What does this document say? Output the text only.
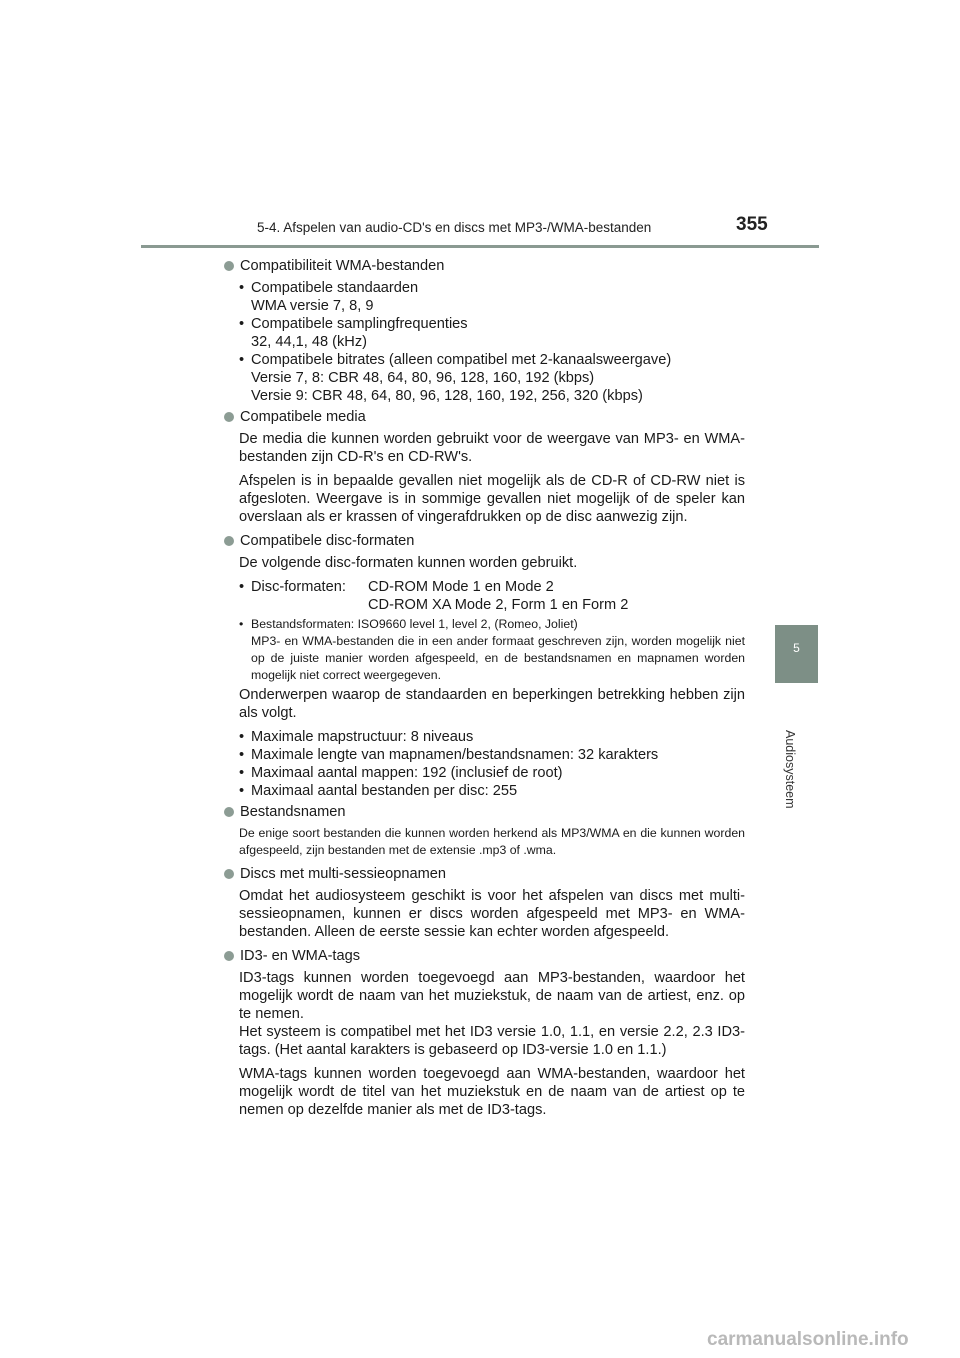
5-4. Afspelen van audio-CD's en discs met MP3-/WMA-bestanden	355
5
Audiosysteem
Compatibiliteit WMA-bestanden
• Compatibele standaarden
WMA versie 7, 8, 9
• Compatibele samplingfrequenties
32, 44,1, 48 (kHz)
• Compatibele bitrates (alleen compatibel met 2-kanaalsweergave)
Versie 7, 8: CBR 48, 64, 80, 96, 128, 160, 192 (kbps)
Versie 9: CBR 48, 64, 80, 96, 128, 160, 192, 256, 320 (kbps)
Compatibele media

De media die kunnen worden gebruikt voor de weergave van MP3- en WMA-bestanden zijn CD-R's en CD-RW's.

Afspelen is in bepaalde gevallen niet mogelijk als de CD-R of CD-RW niet is afgesloten. Weergave is in sommige gevallen niet mogelijk of de speler kan overslaan als er krassen of vingerafdrukken op de disc aanwezig zijn.

Compatibele disc-formaten

De volgende disc-formaten kunnen worden gebruikt.

• Disc-formaten:	CD-ROM Mode 1 en Mode 2
	CD-ROM XA Mode 2, Form 1 en Form 2
• Bestandsformaten: ISO9660 level 1, level 2, (Romeo, Joliet)
MP3- en WMA-bestanden die in een ander formaat geschreven zijn, worden mogelijk niet op de juiste manier worden afgespeeld, en de bestandsnamen en mapnamen worden mogelijk niet correct weergegeven.

Onderwerpen waarop de standaarden en beperkingen betrekking hebben zijn als volgt.

• Maximale mapstructuur: 8 niveaus
• Maximale lengte van mapnamen/bestandsnamen: 32 karakters
• Maximaal aantal mappen: 192 (inclusief de root)
• Maximaal aantal bestanden per disc: 255
Bestandsnamen

De enige soort bestanden die kunnen worden herkend als MP3/WMA en die kunnen worden afgespeeld, zijn bestanden met de extensie .mp3 of .wma.

Discs met multi-sessieopnamen

Omdat het audiosysteem geschikt is voor het afspelen van discs met multi-sessieopnamen, kunnen er discs worden afgespeeld met MP3- en WMA-bestanden. Alleen de eerste sessie kan echter worden afgespeeld.

ID3- en WMA-tags

ID3-tags kunnen worden toegevoegd aan MP3-bestanden, waardoor het mogelijk wordt de naam van het muziekstuk, de naam van de artiest, enz. op te nemen.

Het systeem is compatibel met het ID3 versie 1.0, 1.1, en versie 2.2, 2.3 ID3-tags. (Het aantal karakters is gebaseerd op ID3-versie 1.0 en 1.1.)

WMA-tags kunnen worden toegevoegd aan WMA-bestanden, waardoor het mogelijk wordt de titel van het muziekstuk en de naam van de artiest op te nemen op dezelfde manier als met de ID3-tags.

carmanualsonline.info
